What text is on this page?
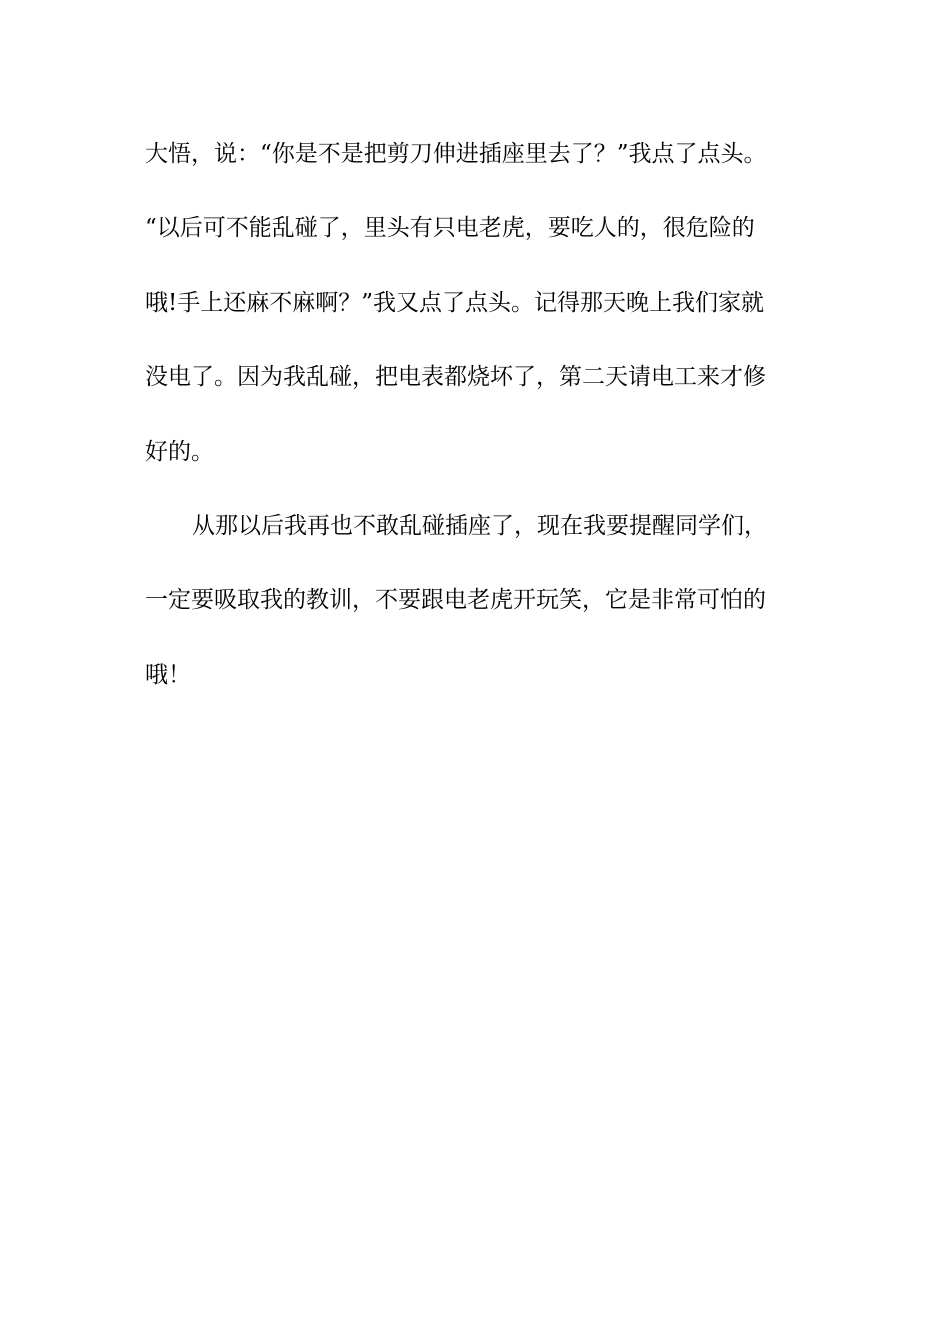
大悟，说：“你是不是把剪刀伸进插座里去了？”我点了点头。
“以后可不能乱碰了，里头有只电老虎，要吃人的，很危险的
哦!手上还麻不麻啊？”我又点了点头。记得那天晚上我们家就
没电了。因为我乱碰，把电表都烧坏了，第二天请电工来才修
好的。
从那以后我再也不敢乱碰插座了，现在我要提醒同学们，
一定要吸取我的教训，不要跟电老虎开玩笑，它是非常可怕的
哦！
